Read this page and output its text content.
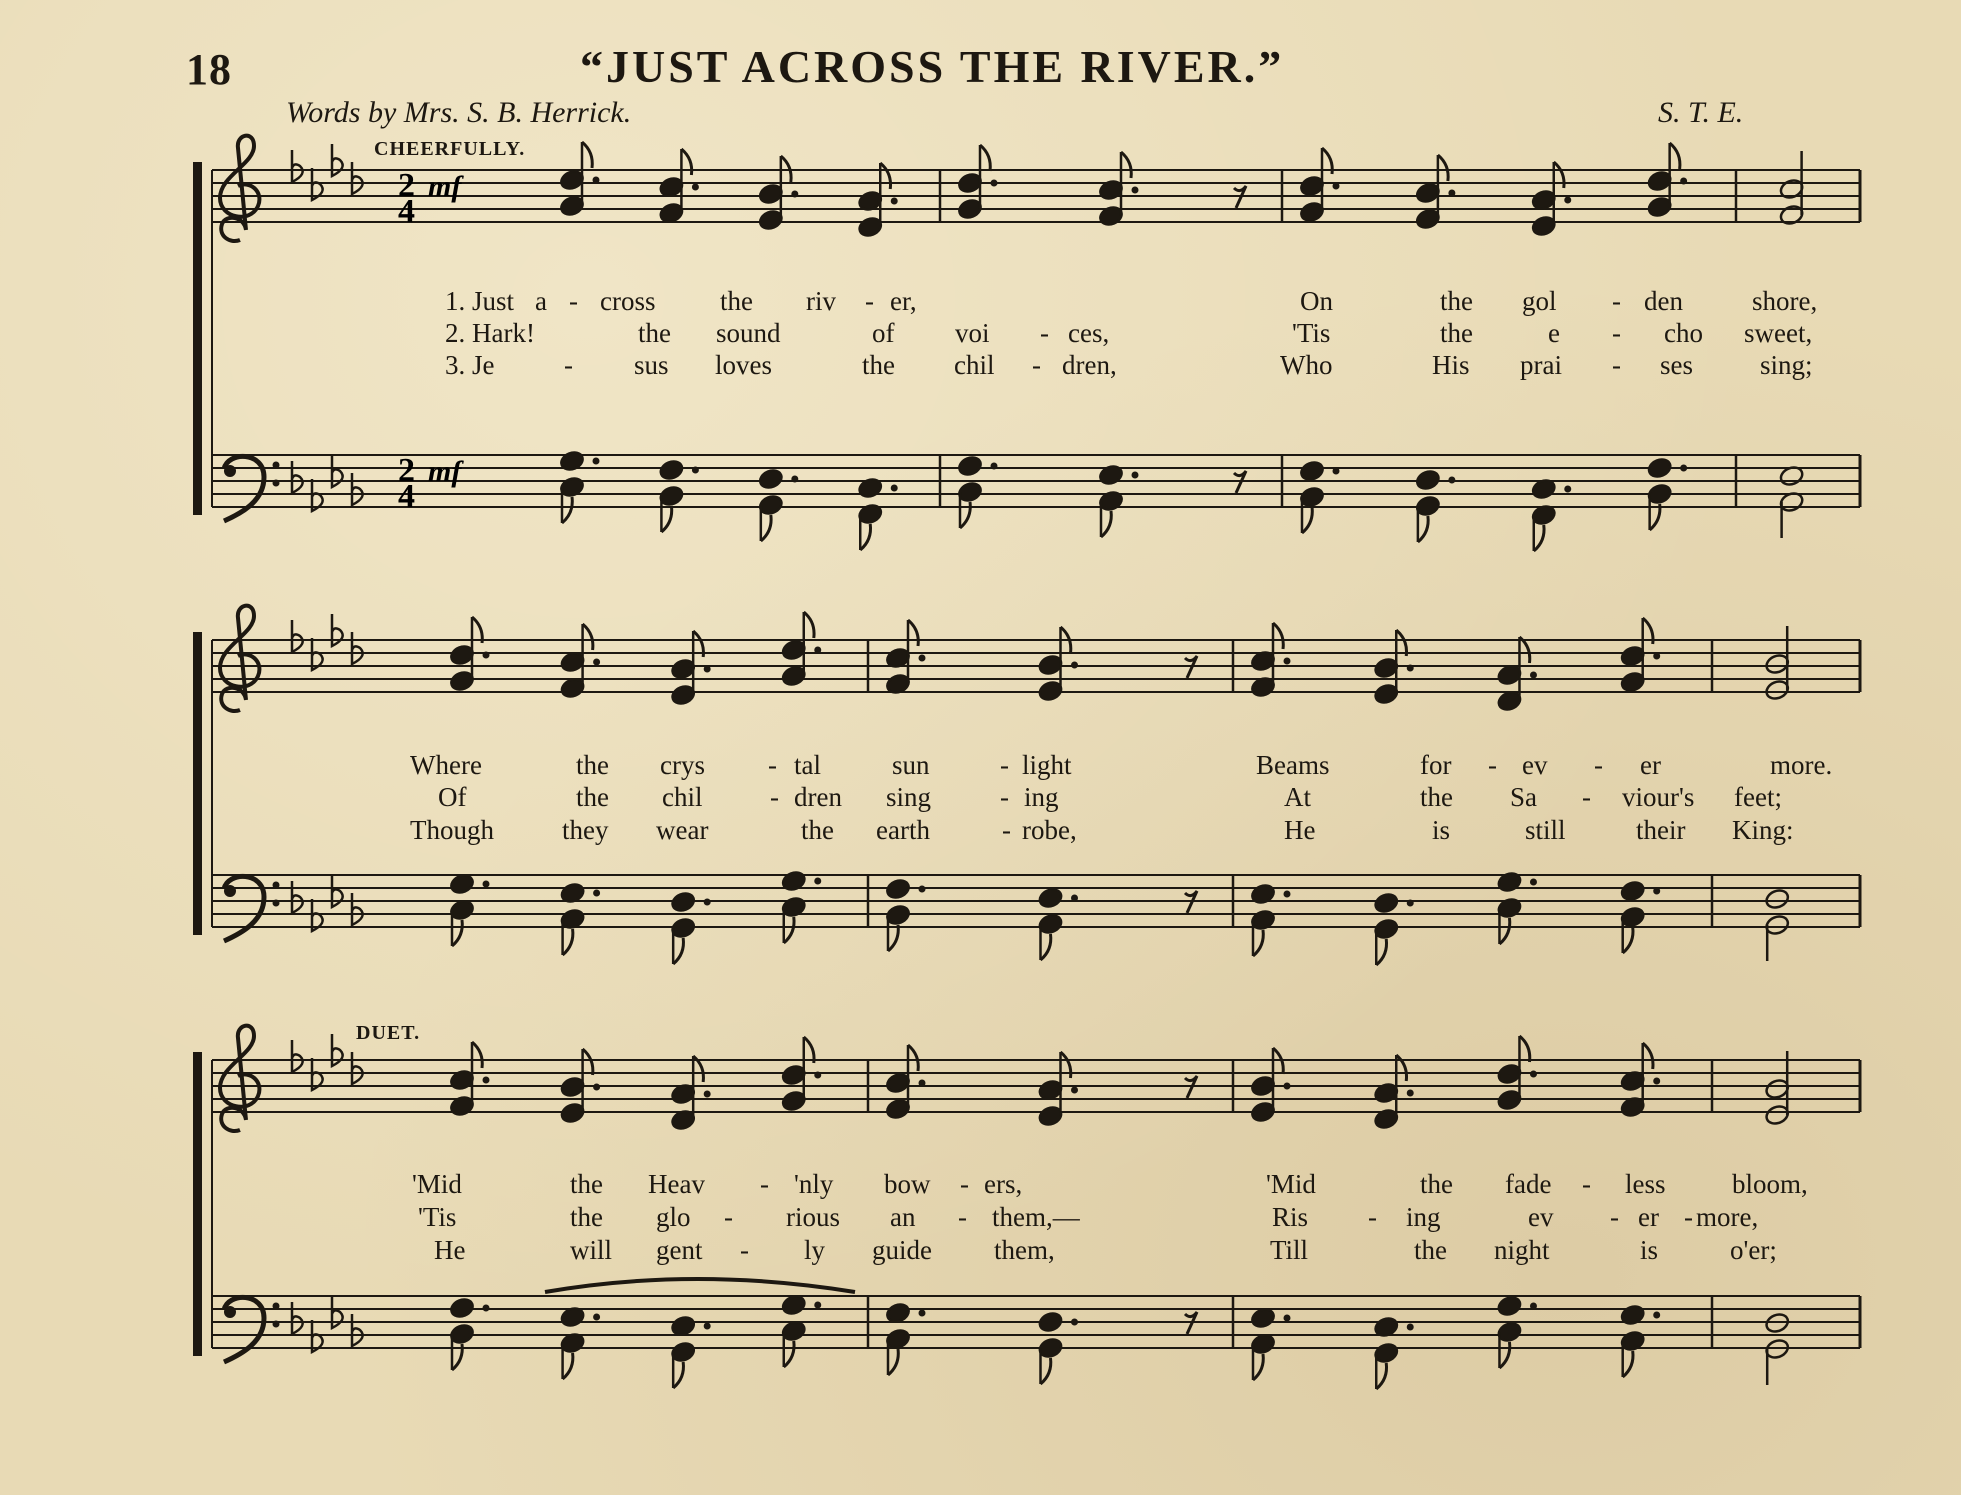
18	“JUST ACROSS THE RIVER.”
Words by Mrs. S. B. Herrick.	S. T. E.
CHEERFULLY.
DUET.
2
4
mf
2
4
mf
1. Just a - cross the riv - er,	On	the gol - den	shore,
2. Hark!	the sound	of voi - ces,	'Tis	the	e - cho sweet,
3. Je	- sus loves	the chil - dren,	Who	His prai - ses sing;
Where	the crys - tal	sun	- light	Beams	for - ev - er	more.
Of	the chil	- dren sing	- ing	At	the Sa - viour's feet;
Though	they wear	the earth	- robe,	He	is	still	their King:
'Mid	the Heav - 'nly bow - ers,	'Mid	the fade - less bloom,
'Tis	the glo - rious an - them,—	Ris - ing	ev - er - more,
He	will gent - ly guide them,	Till	the night	is	o'er;
